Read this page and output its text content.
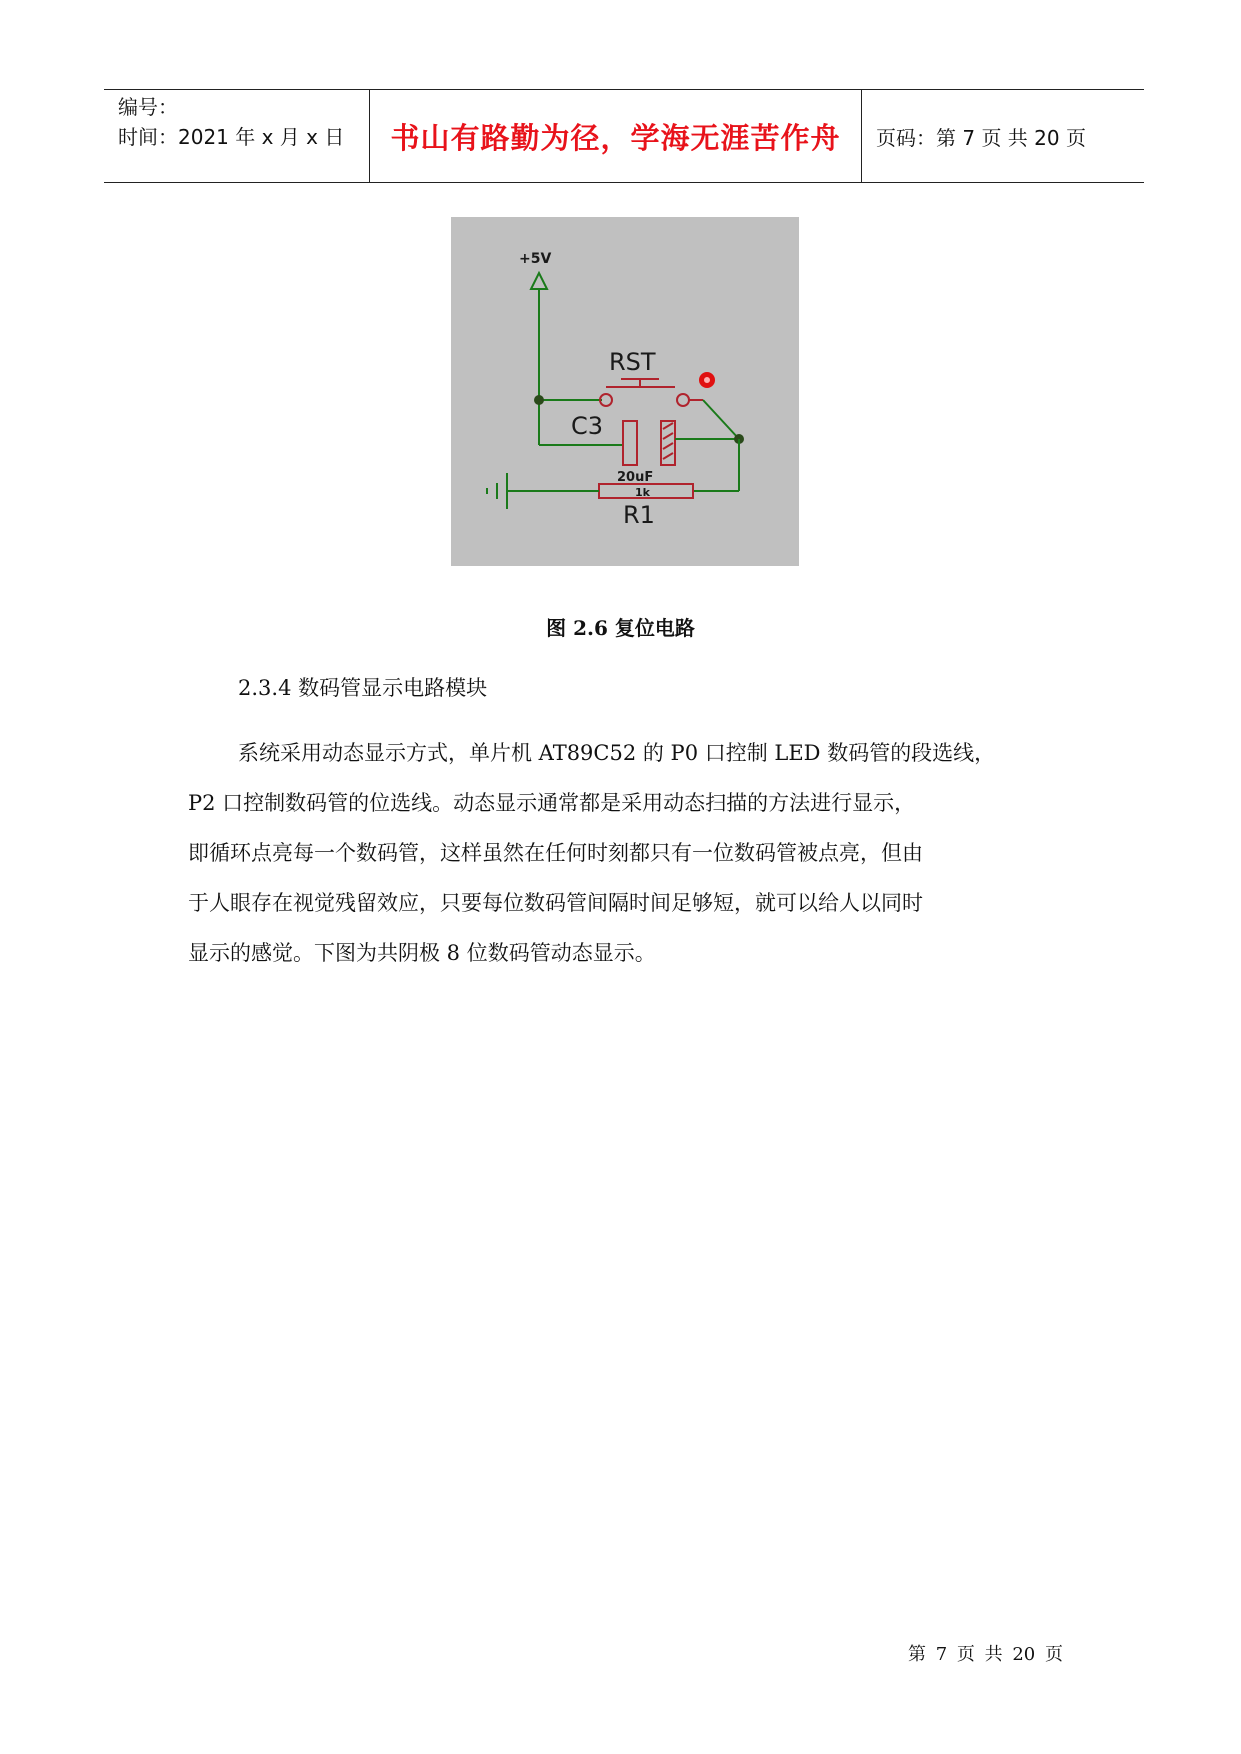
编号：
时间：2021 年 x 月 x 日	书山有路勤为径，学海无涯苦作舟 页码：第 7 页 共 20 页
+5V
RST
C3
20uF
1k
R1
图 2.6 复位电路
2.3.4 数码管显示电路模块
系统采用动态显示方式，单片机 AT89C52 的 P0 口控制 LED 数码管的段选线，
P2 口控制数码管的位选线。动态显示通常都是采用动态扫描的方法进行显示，
即循环点亮每一个数码管，这样虽然在任何时刻都只有一位数码管被点亮，但由
于人眼存在视觉残留效应，只要每位数码管间隔时间足够短，就可以给人以同时
显示的感觉。下图为共阴极 8 位数码管动态显示。
第 7 页 共 20 页
